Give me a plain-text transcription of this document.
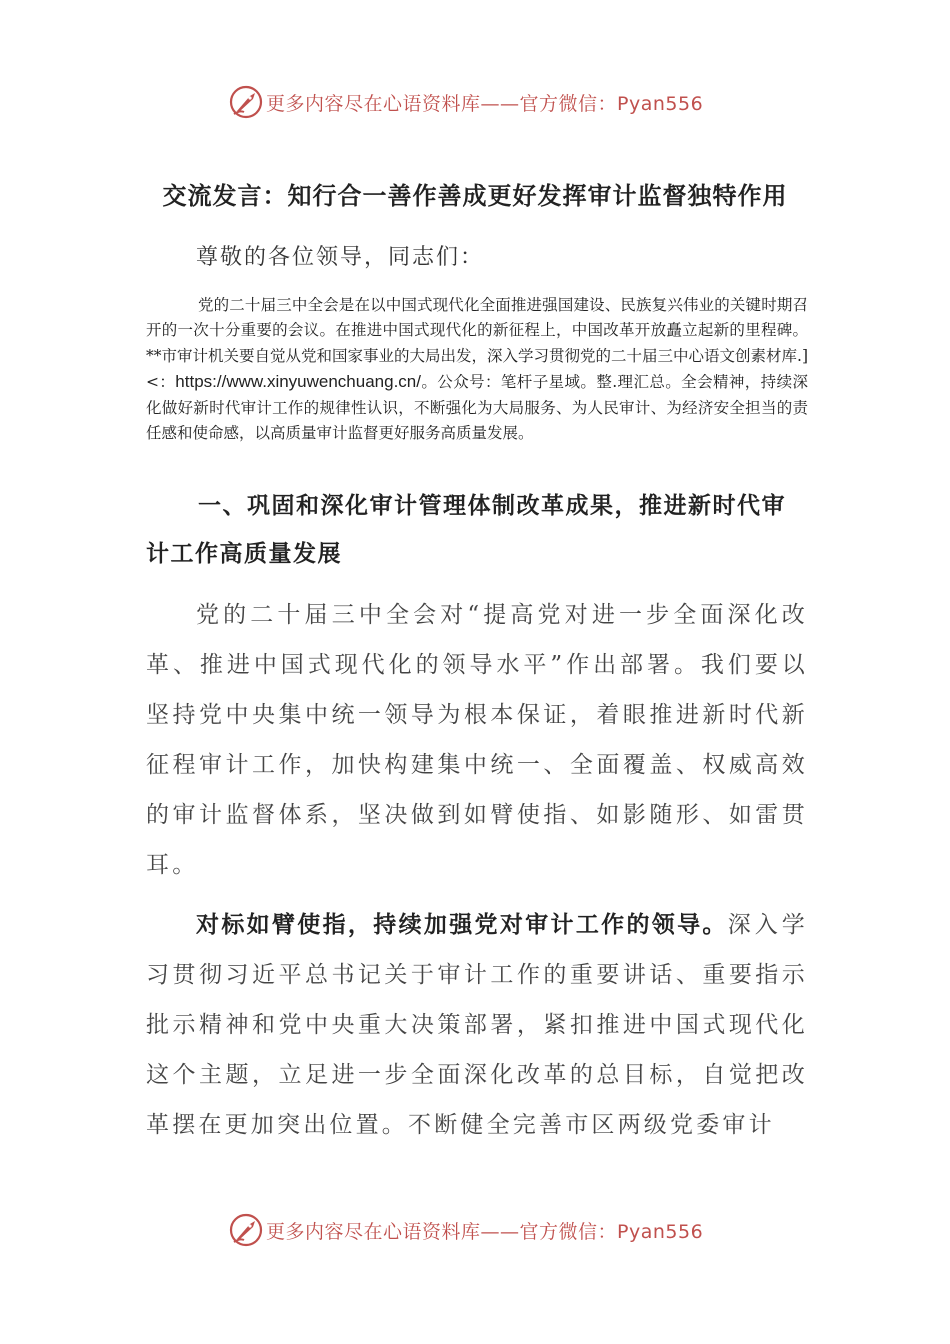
更多内容尽在心语资料库——官方微信：Pyan556
交流发言：知行合一善作善成更好发挥审计监督独特作用
尊敬的各位领导，同志们：
党的二十届三中全会是在以中国式现代化全面推进强国建设、民族复兴伟业的关键时期召开的一次十分重要的会议。在推进中国式现代化的新征程上，中国改革开放矗立起新的里程碑。**市审计机关要自觉从党和国家事业的大局出发，深入学习贯彻党的二十届三中心语文创素材库.]<：https://www.xinyuwenchuang.cn/。公众号：笔杆子星域。整.理汇总。全会精神，持续深化做好新时代审计工作的规律性认识，不断强化为大局服务、为人民审计、为经济安全担当的责任感和使命感，以高质量审计监督更好服务高质量发展。
一、巩固和深化审计管理体制改革成果，推进新时代审计工作高质量发展
党的二十届三中全会对“提高党对进一步全面深化改革、推进中国式现代化的领导水平”作出部署。我们要以坚持党中央集中统一领导为根本保证，着眼推进新时代新征程审计工作，加快构建集中统一、全面覆盖、权威高效的审计监督体系，坚决做到如臂使指、如影随形、如雷贯耳。
对标如臂使指，持续加强党对审计工作的领导。深入学习贯彻习近平总书记关于审计工作的重要讲话、重要指示批示精神和党中央重大决策部署，紧扣推进中国式现代化这个主题，立足进一步全面深化改革的总目标，自觉把改革摆在更加突出位置。不断健全完善市区两级党委审计
更多内容尽在心语资料库——官方微信：Pyan556
